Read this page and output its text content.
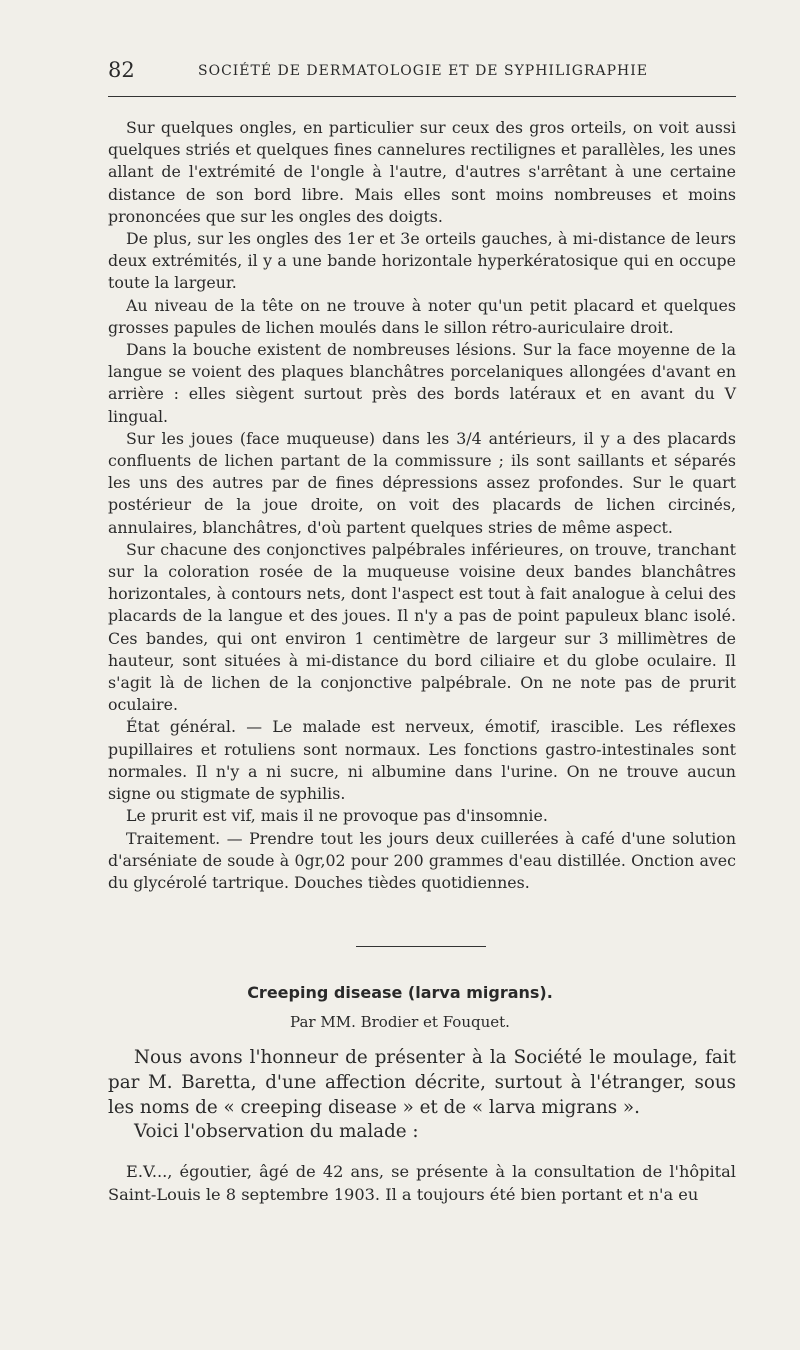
82	SOCIÉTÉ DE DERMATOLOGIE ET DE SYPHILIGRAPHIE

Sur quelques ongles, en particulier sur ceux des gros orteils, on voit aussi quelques striés et quelques fines cannelures rectilignes et parallèles, les unes allant de l'extrémité de l'ongle à l'autre, d'autres s'arrêtant à une certaine distance de son bord libre. Mais elles sont moins nombreuses et moins prononcées que sur les ongles des doigts.

De plus, sur les ongles des 1er et 3e orteils gauches, à mi-distance de leurs deux extrémités, il y a une bande horizontale hyperkératosique qui en occupe toute la largeur.

Au niveau de la tête on ne trouve à noter qu'un petit placard et quelques grosses papules de lichen moulés dans le sillon rétro-auriculaire droit.

Dans la bouche existent de nombreuses lésions. Sur la face moyenne de la langue se voient des plaques blanchâtres porcelaniques allongées d'avant en arrière : elles siègent surtout près des bords latéraux et en avant du V lingual.

Sur les joues (face muqueuse) dans les 3/4 antérieurs, il y a des placards confluents de lichen partant de la commissure ; ils sont saillants et séparés les uns des autres par de fines dépressions assez profondes. Sur le quart postérieur de la joue droite, on voit des placards de lichen circinés, annulaires, blanchâtres, d'où partent quelques stries de même aspect.

Sur chacune des conjonctives palpébrales inférieures, on trouve, tranchant sur la coloration rosée de la muqueuse voisine deux bandes blanchâtres horizontales, à contours nets, dont l'aspect est tout à fait analogue à celui des placards de la langue et des joues. Il n'y a pas de point papuleux blanc isolé. Ces bandes, qui ont environ 1 centimètre de largeur sur 3 millimètres de hauteur, sont situées à mi-distance du bord ciliaire et du globe oculaire. Il s'agit là de lichen de la conjonctive palpébrale. On ne note pas de prurit oculaire.

État général. — Le malade est nerveux, émotif, irascible. Les réflexes pupillaires et rotuliens sont normaux. Les fonctions gastro-intestinales sont normales. Il n'y a ni sucre, ni albumine dans l'urine. On ne trouve aucun signe ou stigmate de syphilis.

Le prurit est vif, mais il ne provoque pas d'insomnie.

Traitement. — Prendre tout les jours deux cuillerées à café d'une solution d'arséniate de soude à 0gr,02 pour 200 grammes d'eau distillée. Onction avec du glycérolé tartrique. Douches tièdes quotidiennes.

Creeping disease (larva migrans).
Par MM. Brodier et Fouquet.

Nous avons l'honneur de présenter à la Société le moulage, fait par M. Baretta, d'une affection décrite, surtout à l'étranger, sous les noms de « creeping disease » et de « larva migrans ».

Voici l'observation du malade :

E.V..., égoutier, âgé de 42 ans, se présente à la consultation de l'hôpital Saint-Louis le 8 septembre 1903. Il a toujours été bien portant et n'a eu
